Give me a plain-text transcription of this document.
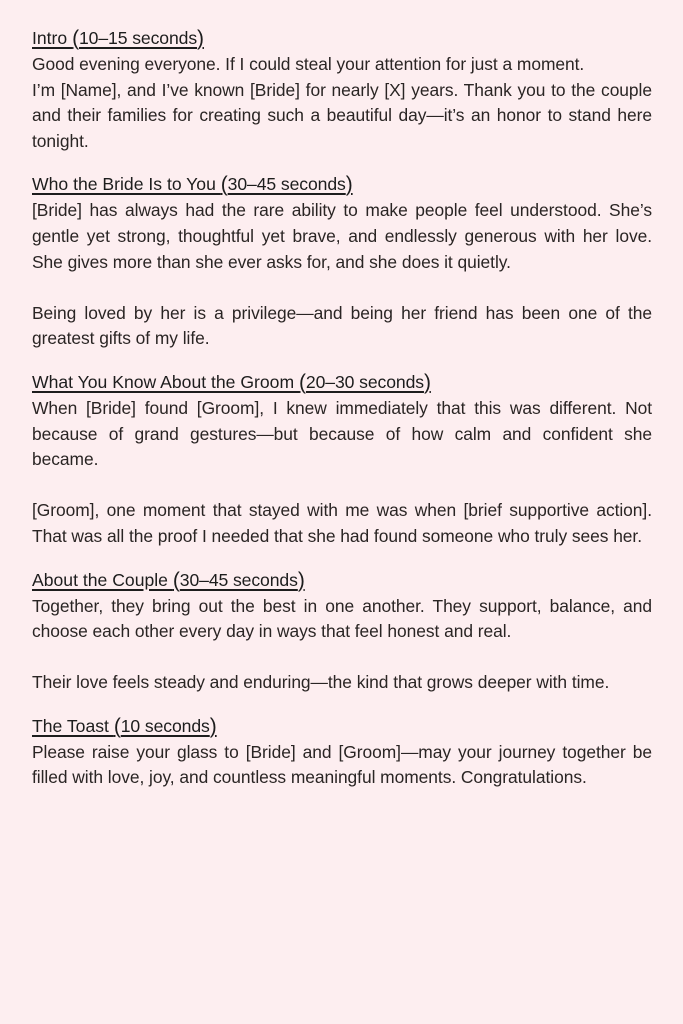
Intro (10–15 seconds)

Good evening everyone. If I could steal your attention for just a moment.
I’m [Name], and I’ve known [Bride] for nearly [X] years. Thank you to the couple and their families for creating such a beautiful day—it’s an honor to stand here tonight.

Who the Bride Is to You (30–45 seconds)

[Bride] has always had the rare ability to make people feel understood. She’s gentle yet strong, thoughtful yet brave, and endlessly generous with her love. She gives more than she ever asks for, and she does it quietly.

Being loved by her is a privilege—and being her friend has been one of the greatest gifts of my life.

What You Know About the Groom (20–30 seconds)

When [Bride] found [Groom], I knew immediately that this was different. Not because of grand gestures—but because of how calm and confident she became.

[Groom], one moment that stayed with me was when [brief supportive action]. That was all the proof I needed that she had found someone who truly sees her.

About the Couple (30–45 seconds)

Together, they bring out the best in one another. They support, balance, and choose each other every day in ways that feel honest and real.

Their love feels steady and enduring—the kind that grows deeper with time.

The Toast (10 seconds)

Please raise your glass to [Bride] and [Groom]—may your journey together be filled with love, joy, and countless meaningful moments. Congratulations.
